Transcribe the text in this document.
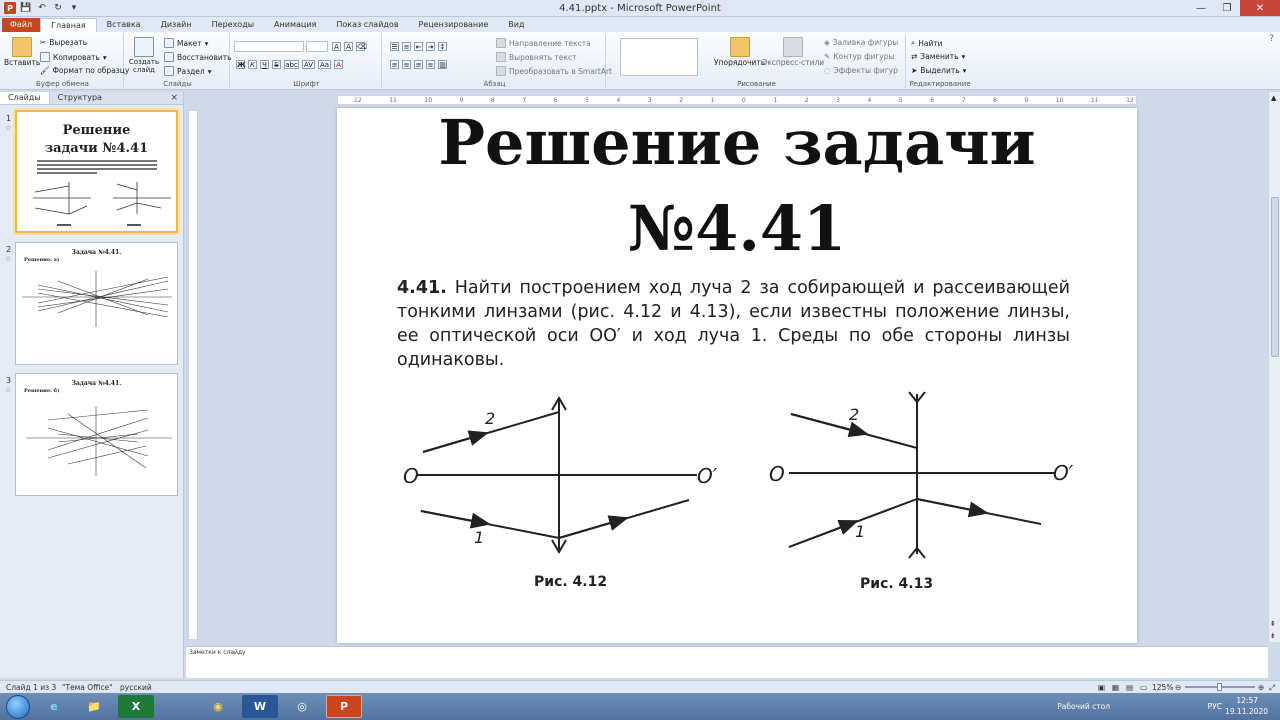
P 💾 ↶ ↻	▾	4.41.pptx - Microsoft PowerPoint	—	❐	✕
Файл	Главная	Вставка	Дизайн	Переходы	Анимация	Показ слайдов	Рецензирование	Вид
Вставить
✂ Вырезать
Копировать ▾
🖌 Формат по образцу
Буфер обмена
Создать слайд
Макет ▾
Восстановить
Раздел ▾
Слайды
A	A ⌫
Ж К Ч	S abc AV Aa A
Шрифт
☰ ≡ ⇤ ⇥ ↕
≡ ≡ ≡ ≡ ▥
Направление текста
Выровнять текст
Преобразовать в SmartArt
Абзац
Упорядочить
Экспресс-стили
◈ Заливка фигуры
✎ Контур фигуры
◌ Эффекты фигур
Рисование
⌕ Найти
⇄ Заменить ▾
➤ Выделить ▾
Редактирование
?
Слайды	Структура	×
1
☆	Решение задачи №4.41
2
☆
Задача №4.41.
Решение: а)
3
☆
Задача №4.41.
Решение: б)
12	11	10	9	8	7	6	5	4	3	2	1	0	1	2	3	4	5	6	7	8	9	10	11	12
Решение задачи
№4.41
4.41. Найти построением ход луча 2 за собирающей и рассеивающей тонкими линзами (рис. 4.12 и 4.13), если известны положение линзы, ее оптической оси OO′ и ход луча 1. Среды по обе стороны линзы одинаковы.
O	O′
2
1
O	O′
2
1
Рис. 4.12	Рис. 4.13
▲
⇞
⇟
Заметки к слайду
Слайд 1 из 3 "Тема Office" русский	▣ ▦ ▤ ▭ 125% ⊖	⊕ ⤢
e	📁	X	◉	W	◎	P	Рабочий стол	РУС
12:57
19.11.2020
